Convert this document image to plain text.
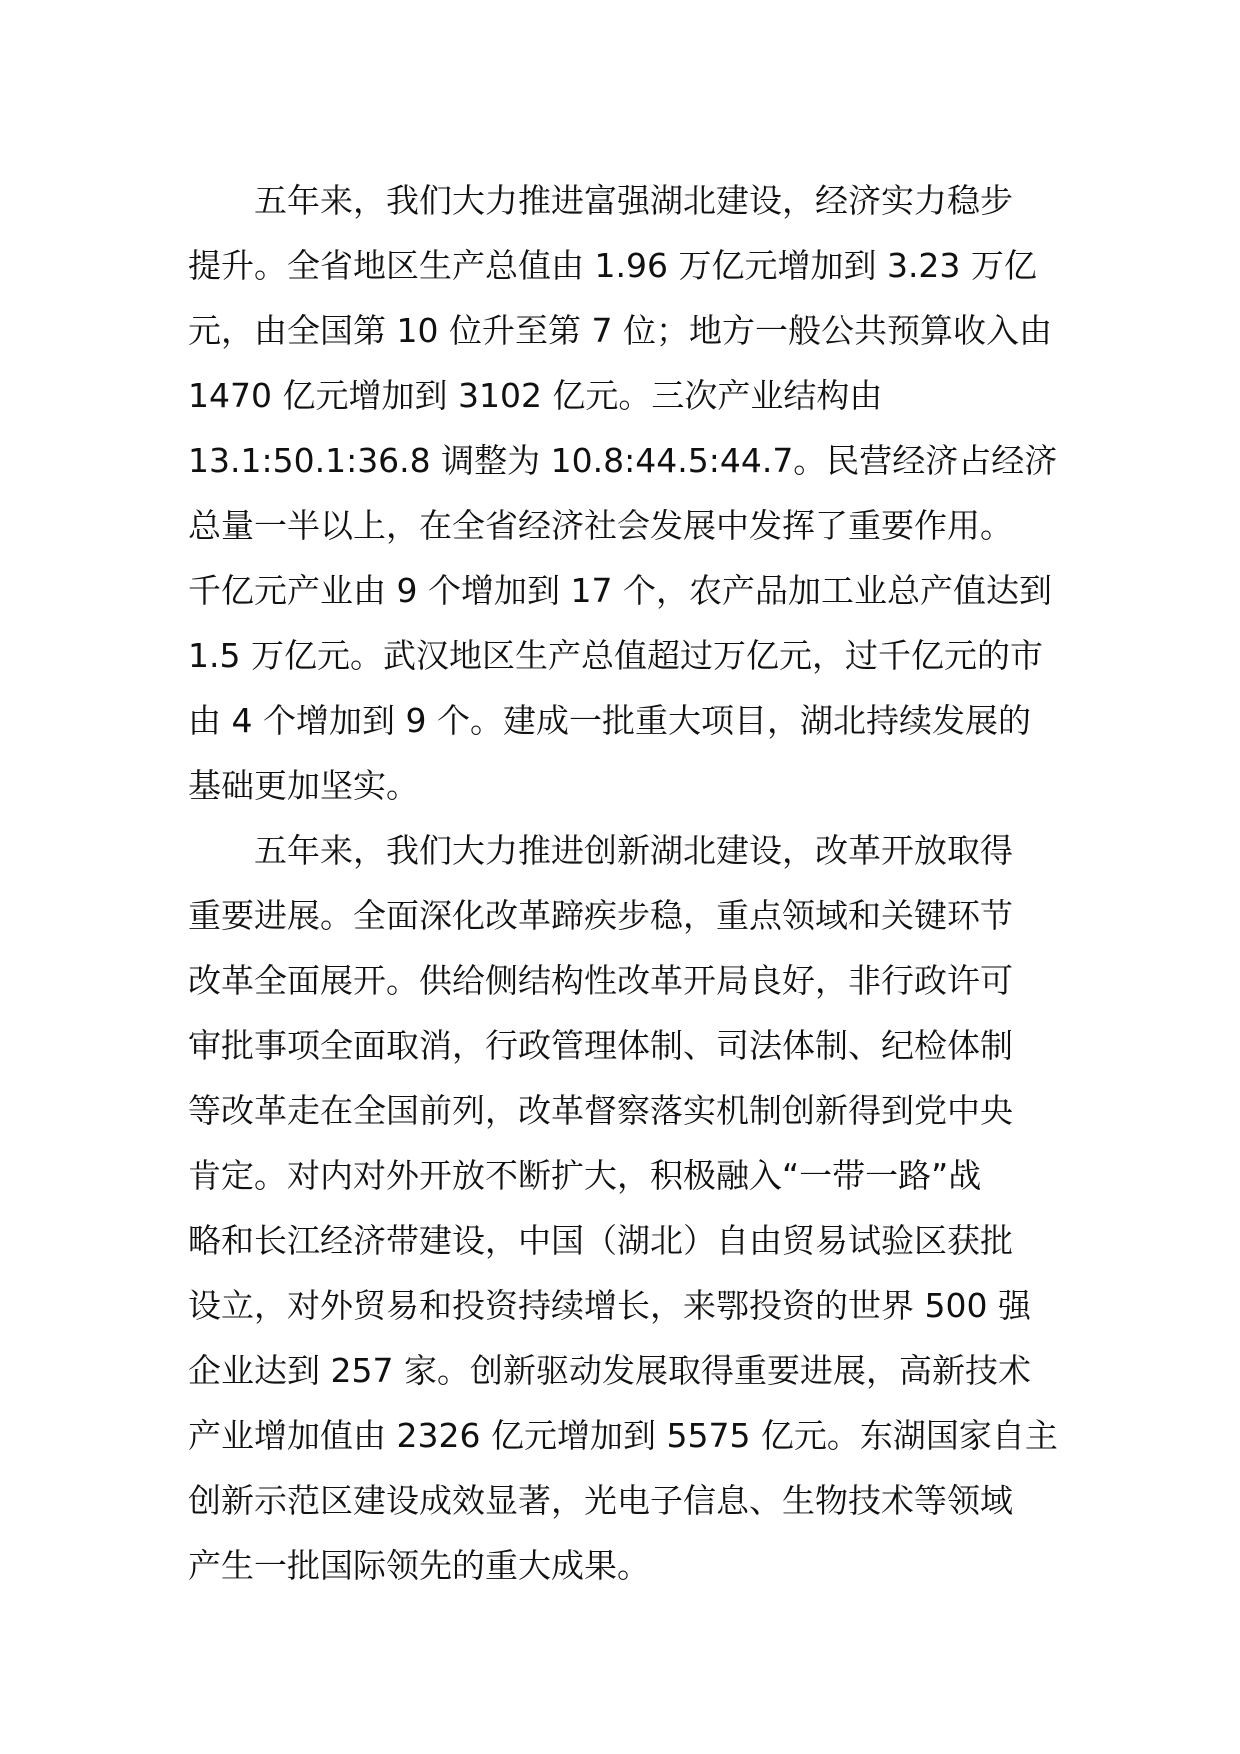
五年来，我们大力推进富强湖北建设，经济实力稳步
提升。全省地区生产总值由 1.96 万亿元增加到 3.23 万亿
元，由全国第 10 位升至第 7 位；地方一般公共预算收入由
1470 亿元增加到 3102 亿元。三次产业结构由
13.1:50.1:36.8 调整为 10.8:44.5:44.7。民营经济占经济
总量一半以上，在全省经济社会发展中发挥了重要作用。
千亿元产业由 9 个增加到 17 个，农产品加工业总产值达到
1.5 万亿元。武汉地区生产总值超过万亿元，过千亿元的市
由 4 个增加到 9 个。建成一批重大项目，湖北持续发展的
基础更加坚实。
五年来，我们大力推进创新湖北建设，改革开放取得
重要进展。全面深化改革蹄疾步稳，重点领域和关键环节
改革全面展开。供给侧结构性改革开局良好，非行政许可
审批事项全面取消，行政管理体制、司法体制、纪检体制
等改革走在全国前列，改革督察落实机制创新得到党中央
肯定。对内对外开放不断扩大，积极融入“一带一路”战
略和长江经济带建设，中国（湖北）自由贸易试验区获批
设立，对外贸易和投资持续增长，来鄂投资的世界 500 强
企业达到 257 家。创新驱动发展取得重要进展，高新技术
产业增加值由 2326 亿元增加到 5575 亿元。东湖国家自主
创新示范区建设成效显著，光电子信息、生物技术等领域
产生一批国际领先的重大成果。
